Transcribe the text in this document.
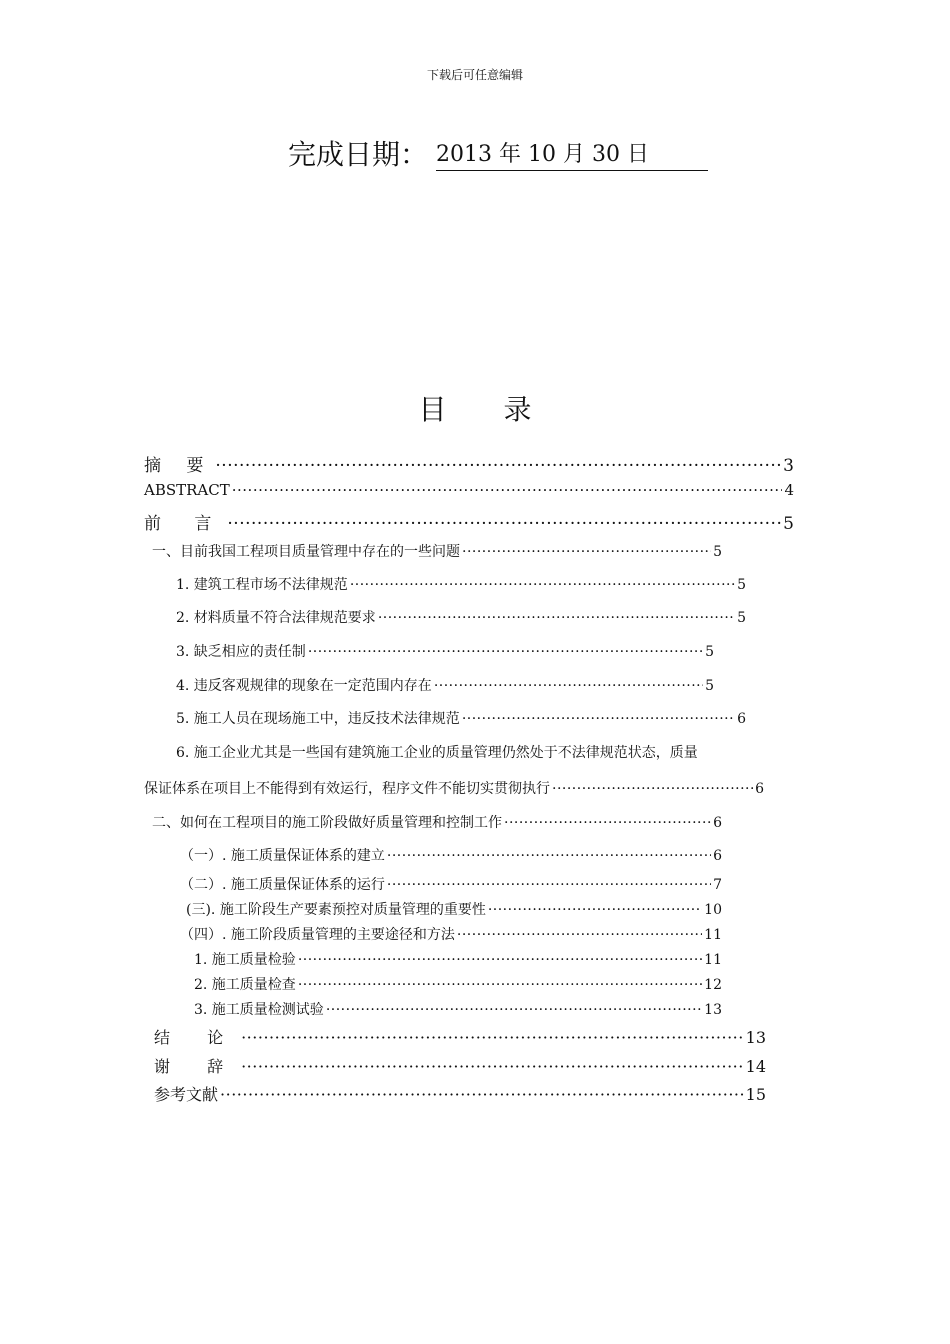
下载后可任意编辑
完成日期： 2013 年 10 月 30 日
目 录
摘 要 ·····	3
ABSTRACT ·····	4
前 言 ·····	5
一、目前我国工程项目质量管理中存在的一些问题 ·····	5
1. 建筑工程市场不法律规范 ·····	5
2. 材料质量不符合法律规范要求 ·····	5
3. 缺乏相应的责任制 ·····	5
4. 违反客观规律的现象在一定范围内存在 ·····	5
5. 施工人员在现场施工中，违反技术法律规范 ·····	6
6. 施工企业尤其是一些国有建筑施工企业的质量管理仍然处于不法律规范状态，质量
保证体系在项目上不能得到有效运行，程序文件不能切实贯彻执行 ·····	6
二、如何在工程项目的施工阶段做好质量管理和控制工作 ·····	6
（一）. 施工质量保证体系的建立 ·····	6
（二）. 施工质量保证体系的运行 ·····	7
(三). 施工阶段生产要素预控对质量管理的重要性 ·····	10
（四）. 施工阶段质量管理的主要途径和方法 ·····	11
1. 施工质量检验 ·····	11
2. 施工质量检查 ·····	12
3. 施工质量检测试验 ·····	13
结 论 ·····	13
谢 辞 ·····	14
参考文献 ·····	15
